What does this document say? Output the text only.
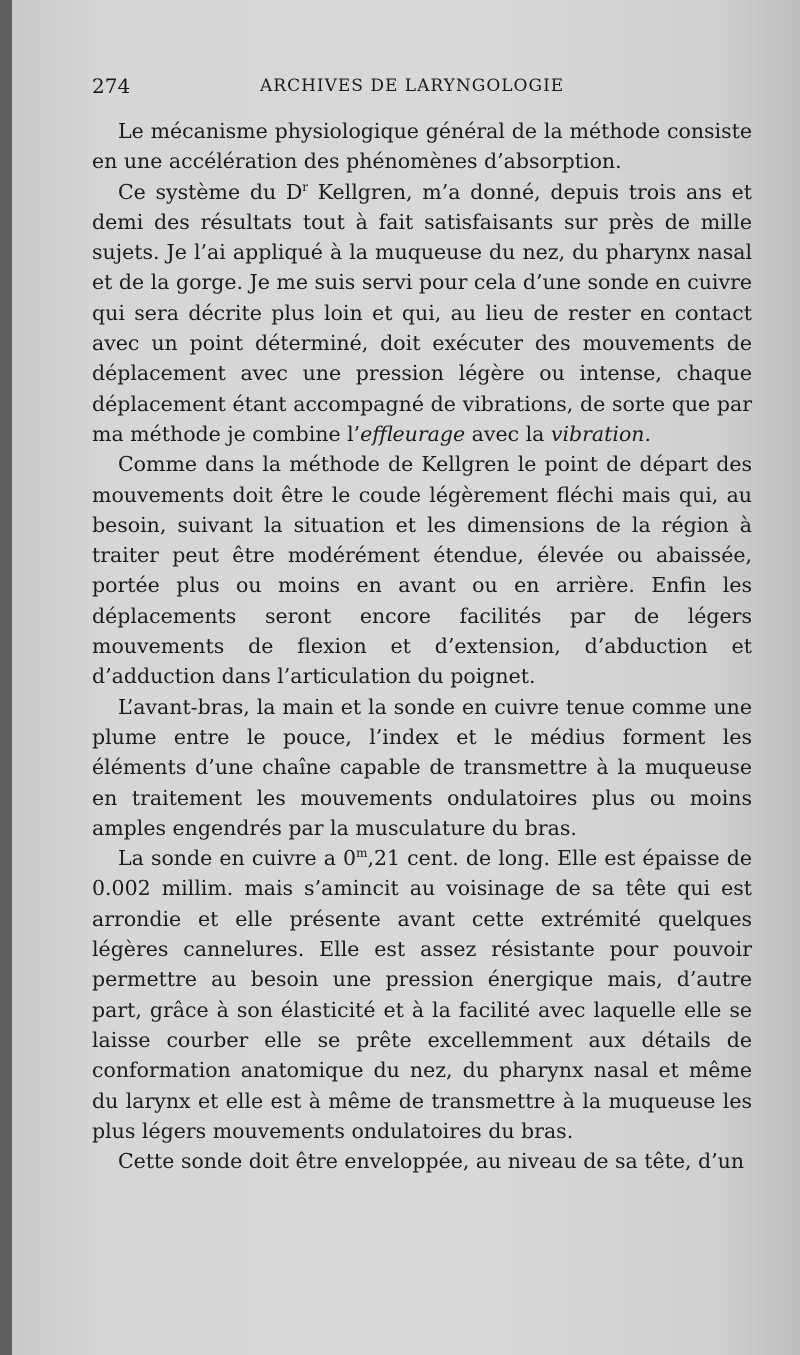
274	ARCHIVES DE LARYNGOLOGIE

Le mécanisme physiologique général de la méthode consiste en une accélération des phénomènes d’absorption.

Ce système du $D^r$ Kellgren, m’a donné, depuis trois ans et demi des résultats tout à fait satisfaisants sur près de mille sujets. Je l’ai appliqué à la muqueuse du nez, du pharynx nasal et de la gorge. Je me suis servi pour cela d’une sonde en cuivre qui sera décrite plus loin et qui, au lieu de rester en contact avec un point déterminé, doit exécuter des mouvements de déplacement avec une pression légère ou intense, chaque déplacement étant accompagné de vibrations, de sorte que par ma méthode je combine l’effleurage avec la vibration.

Comme dans la méthode de Kellgren le point de départ des mouvements doit être le coude légèrement fléchi mais qui, au besoin, suivant la situation et les dimensions de la région à traiter peut être modérément étendue, élevée ou abaissée, portée plus ou moins en avant ou en arrière. Enfin les déplacements seront encore facilités par de légers mouvements de flexion et d’extension, d’abduction et d’adduction dans l’articulation du poignet.

L’avant-bras, la main et la sonde en cuivre tenue comme une plume entre le pouce, l’index et le médius forment les éléments d’une chaîne capable de transmettre à la muqueuse en traitement les mouvements ondulatoires plus ou moins amples engendrés par la musculature du bras.

La sonde en cuivre a 0$^m$,21 cent. de long. Elle est épaisse de 0.002 millim. mais s’amincit au voisinage de sa tête qui est arrondie et elle présente avant cette extrémité quelques légères cannelures. Elle est assez résistante pour pouvoir permettre au besoin une pression énergique mais, d’autre part, grâce à son élasticité et à la facilité avec laquelle elle se laisse courber elle se prête excellemment aux détails de conformation anatomique du nez, du pharynx nasal et même du larynx et elle est à même de transmettre à la muqueuse les plus légers mouvements ondulatoires du bras.

Cette sonde doit être enveloppée, au niveau de sa tête, d’un
